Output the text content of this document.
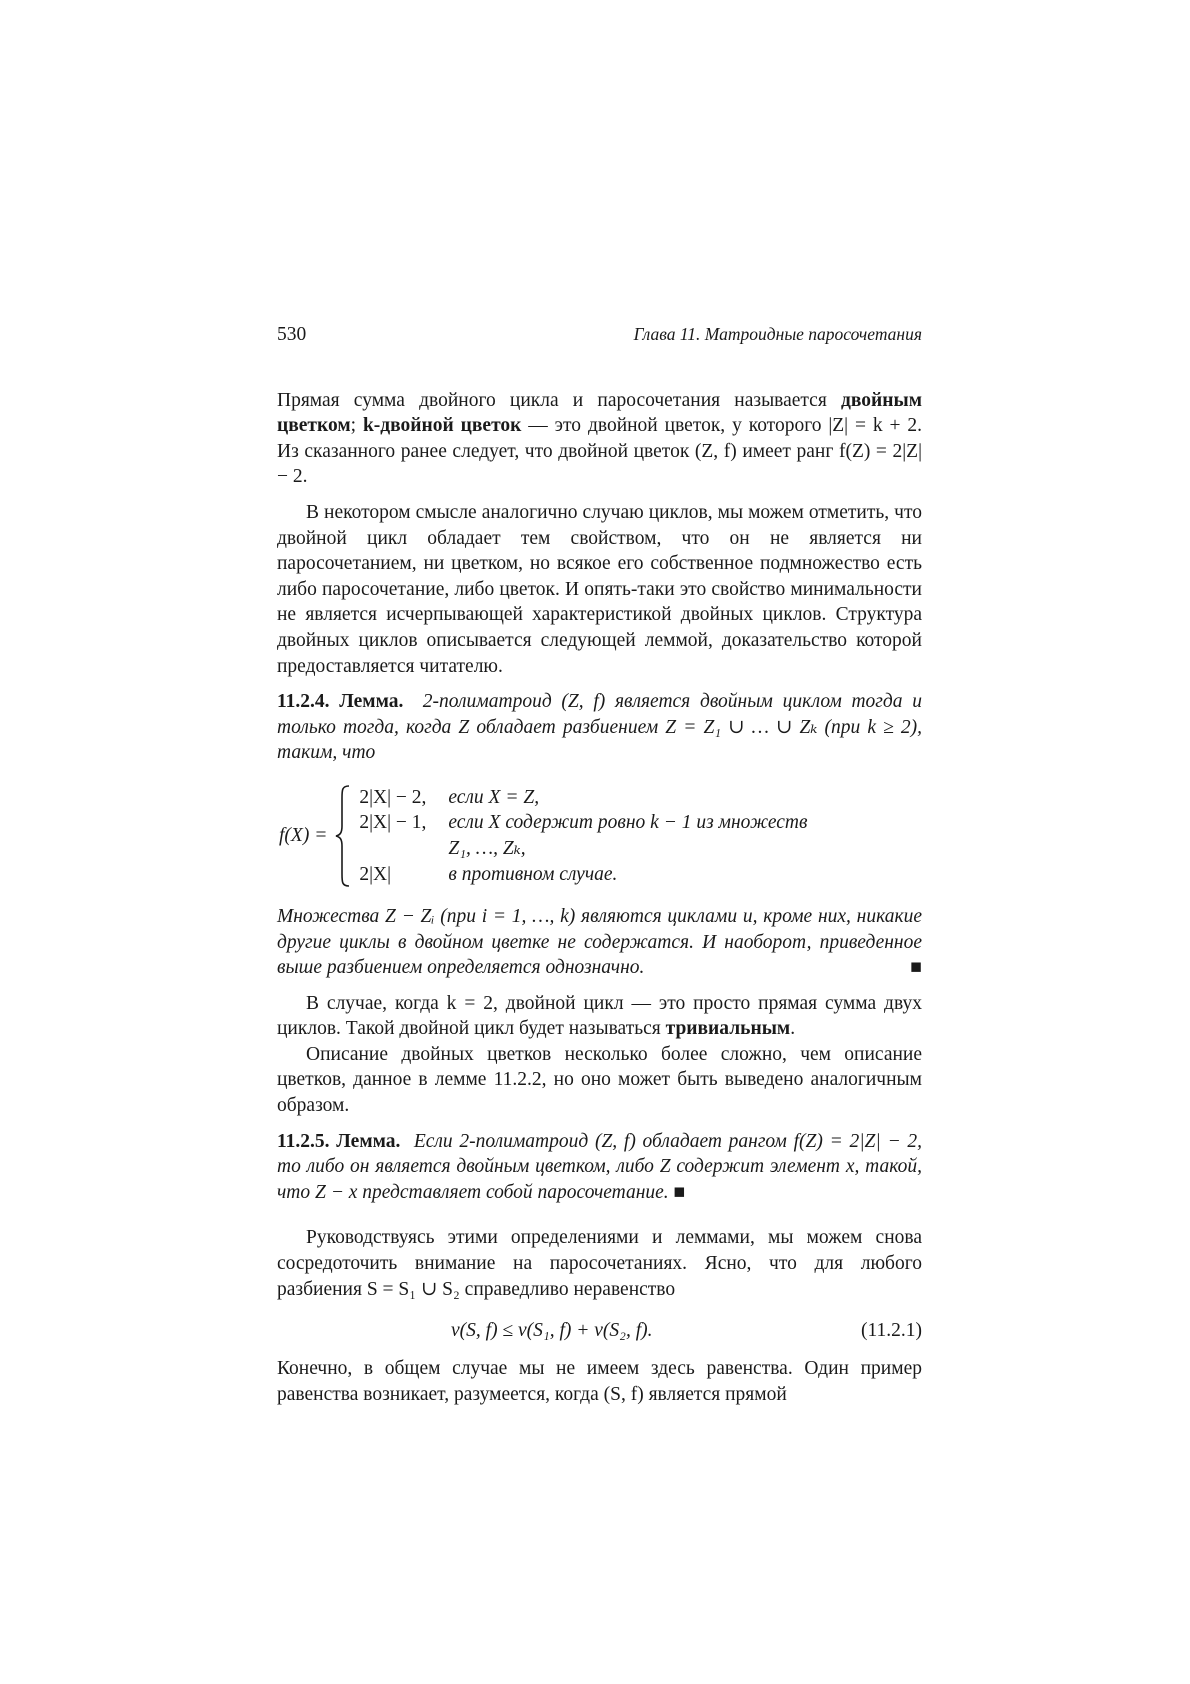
530	Глава 11. Матроидные паросочетания

Прямая сумма двойного цикла и паросочетания называется двойным цветком; k-двойной цветок — это двойной цветок, у которого |Z| = k + 2. Из сказанного ранее следует, что двойной цветок (Z, f) имеет ранг f(Z) = 2|Z| − 2.

В некотором смысле аналогично случаю циклов, мы можем отметить, что двойной цикл обладает тем свойством, что он не является ни паросочетанием, ни цветком, но всякое его собственное подмножество есть либо паросочетание, либо цветок. И опять-таки это свойство минимальности не является исчерпывающей характеристикой двойных циклов. Структура двойных циклов описывается следующей леммой, доказательство которой предоставляется читателю.

11.2.4. Лемма. 2-полиматроид (Z, f) является двойным циклом тогда и только тогда, когда Z обладает разбиением Z = Z₁ ∪ … ∪ Zₖ (при k ≥ 2), таким, что

f(X) =
2|X| − 2,	если X = Z,
2|X| − 1,	если X содержит ровно k − 1 из множеств
	Z₁, …, Zₖ,
2|X|	в противном случае.

Множества Z − Zᵢ (при i = 1, …, k) являются циклами и, кроме них, никакие другие циклы в двойном цветке не содержатся. И наоборот, приведенное выше разбиением определяется однозначно.	■

В случае, когда k = 2, двойной цикл — это просто прямая сумма двух циклов. Такой двойной цикл будет называться тривиальным.

Описание двойных цветков несколько более сложно, чем описание цветков, данное в лемме 11.2.2, но оно может быть выведено аналогичным образом.

11.2.5. Лемма. Если 2-полиматроид (Z, f) обладает рангом f(Z) = 2|Z| − 2, то либо он является двойным цветком, либо Z содержит элемент x, такой, что Z − x представляет собой паросочетание. ■

Руководствуясь этими определениями и леммами, мы можем снова сосредоточить внимание на паросочетаниях. Ясно, что для любого разбиения S = S₁ ∪ S₂ справедливо неравенство

ν(S, f) ≤ ν(S₁, f) + ν(S₂, f).	(11.2.1)

Конечно, в общем случае мы не имеем здесь равенства. Один пример равенства возникает, разумеется, когда (S, f) является прямой
